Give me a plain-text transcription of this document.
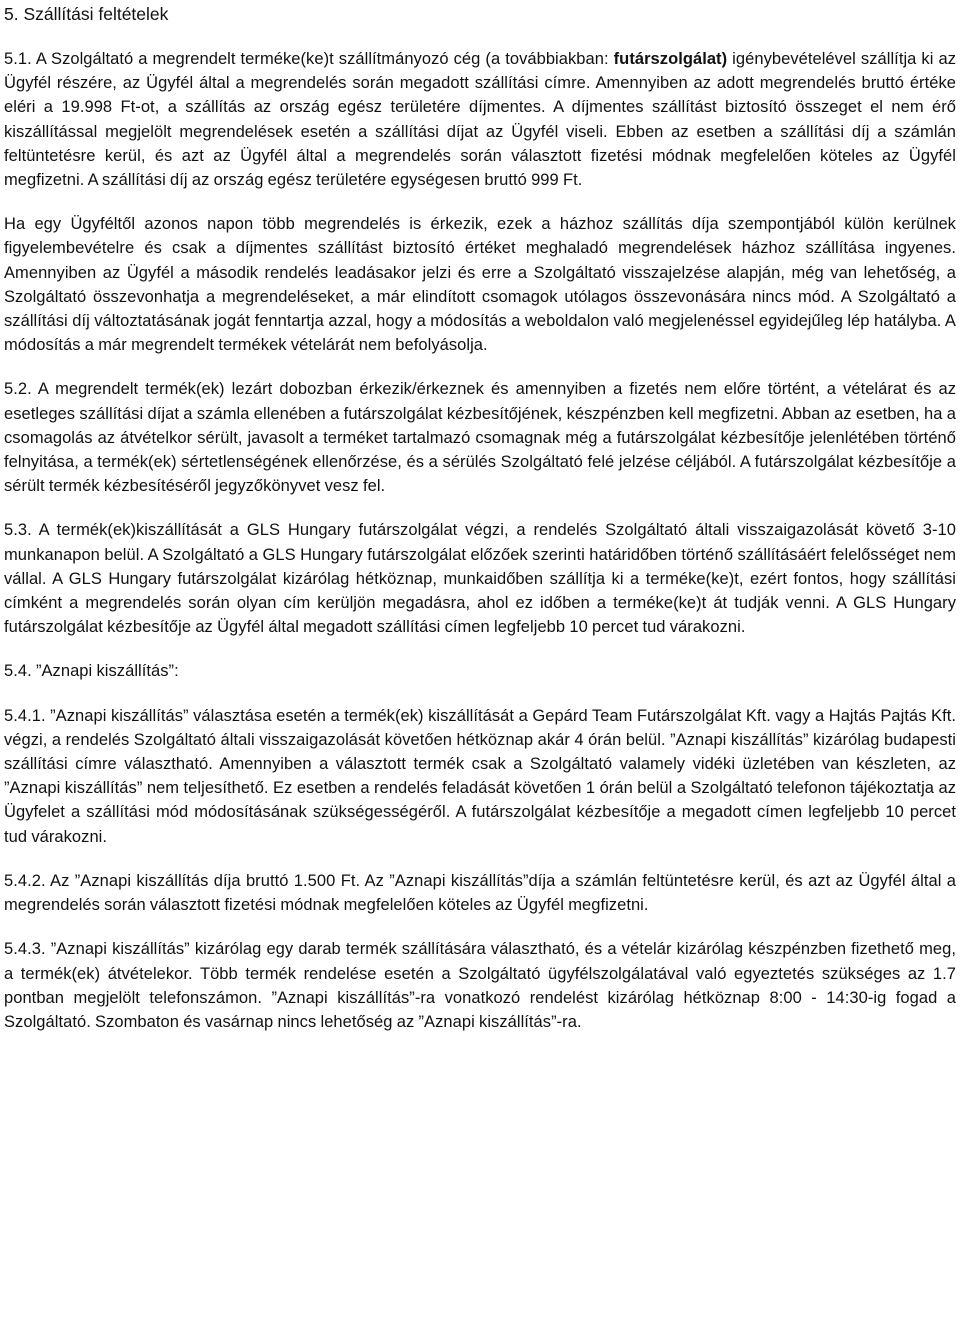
5. Szállítási feltételek

5.1. A Szolgáltató a megrendelt terméke(ke)t szállítmányozó cég (a továbbiakban: futárszolgálat) igénybevételével szállítja ki az Ügyfél részére, az Ügyfél által a megrendelés során megadott szállítási címre. Amennyiben az adott megrendelés bruttó értéke eléri a 19.998 Ft-ot, a szállítás az ország egész területére díjmentes. A díjmentes szállítást biztosító összeget el nem érő kiszállítással megjelölt megrendelések esetén a szállítási díjat az Ügyfél viseli. Ebben az esetben a szállítási díj a számlán feltüntetésre kerül, és azt az Ügyfél által a megrendelés során választott fizetési módnak megfelelően köteles az Ügyfél megfizetni. A szállítási díj az ország egész területére egységesen bruttó 999 Ft.

Ha egy Ügyféltől azonos napon több megrendelés is érkezik, ezek a házhoz szállítás díja szempontjából külön kerülnek figyelembevételre és csak a díjmentes szállítást biztosító értéket meghaladó megrendelések házhoz szállítása ingyenes. Amennyiben az Ügyfél a második rendelés leadásakor jelzi és erre a Szolgáltató visszajelzése alapján, még van lehetőség, a Szolgáltató összevonhatja a megrendeléseket, a már elindított csomagok utólagos összevonására nincs mód. A Szolgáltató a szállítási díj változtatásának jogát fenntartja azzal, hogy a módosítás a weboldalon való megjelenéssel egyidejűleg lép hatályba. A módosítás a már megrendelt termékek vételárát nem befolyásolja.

5.2. A megrendelt termék(ek) lezárt dobozban érkezik/érkeznek és amennyiben a fizetés nem előre történt, a vételárat és az esetleges szállítási díjat a számla ellenében a futárszolgálat kézbesítőjének, készpénzben kell megfizetni. Abban az esetben, ha a csomagolás az átvételkor sérült, javasolt a terméket tartalmazó csomagnak még a futárszolgálat kézbesítője jelenlétében történő felnyitása, a termék(ek) sértetlenségének ellenőrzése, és a sérülés Szolgáltató felé jelzése céljából. A futárszolgálat kézbesítője a sérült termék kézbesítéséről jegyzőkönyvet vesz fel.

5.3. A termék(ek)kiszállítását a GLS Hungary futárszolgálat végzi, a rendelés Szolgáltató általi visszaigazolását követő 3-10 munkanapon belül. A Szolgáltató a GLS Hungary futárszolgálat előzőek szerinti határidőben történő szállításáért felelősséget nem vállal. A GLS Hungary futárszolgálat kizárólag hétköznap, munkaidőben szállítja ki a terméke(ke)t, ezért fontos, hogy szállítási címként a megrendelés során olyan cím kerüljön megadásra, ahol ez időben a terméke(ke)t át tudják venni. A GLS Hungary futárszolgálat kézbesítője az Ügyfél által megadott szállítási címen legfeljebb 10 percet tud várakozni.

5.4. ”Aznapi kiszállítás”:

5.4.1. ”Aznapi kiszállítás” választása esetén a termék(ek) kiszállítását a Gepárd Team Futárszolgálat Kft. vagy a Hajtás Pajtás Kft. végzi, a rendelés Szolgáltató általi visszaigazolását követően hétköznap akár 4 órán belül. ”Aznapi kiszállítás” kizárólag budapesti szállítási címre választható. Amennyiben a választott termék csak a Szolgáltató valamely vidéki üzletében van készleten, az ”Aznapi kiszállítás” nem teljesíthető. Ez esetben a rendelés feladását követően 1 órán belül a Szolgáltató telefonon tájékoztatja az Ügyfelet a szállítási mód módosításának szükségességéről. A futárszolgálat kézbesítője a megadott címen legfeljebb 10 percet tud várakozni.

5.4.2. Az ”Aznapi kiszállítás díja bruttó 1.500 Ft. Az ”Aznapi kiszállítás”díja a számlán feltüntetésre kerül, és azt az Ügyfél által a megrendelés során választott fizetési módnak megfelelően köteles az Ügyfél megfizetni.

5.4.3. ”Aznapi kiszállítás” kizárólag egy darab termék szállítására választható, és a vételár kizárólag készpénzben fizethető meg, a termék(ek) átvételekor. Több termék rendelése esetén a Szolgáltató ügyfélszolgálatával való egyeztetés szükséges az 1.7 pontban megjelölt telefonszámon. ”Aznapi kiszállítás”-ra vonatkozó rendelést kizárólag hétköznap 8:00 - 14:30-ig fogad a Szolgáltató. Szombaton és vasárnap nincs lehetőség az ”Aznapi kiszállítás”-ra.
